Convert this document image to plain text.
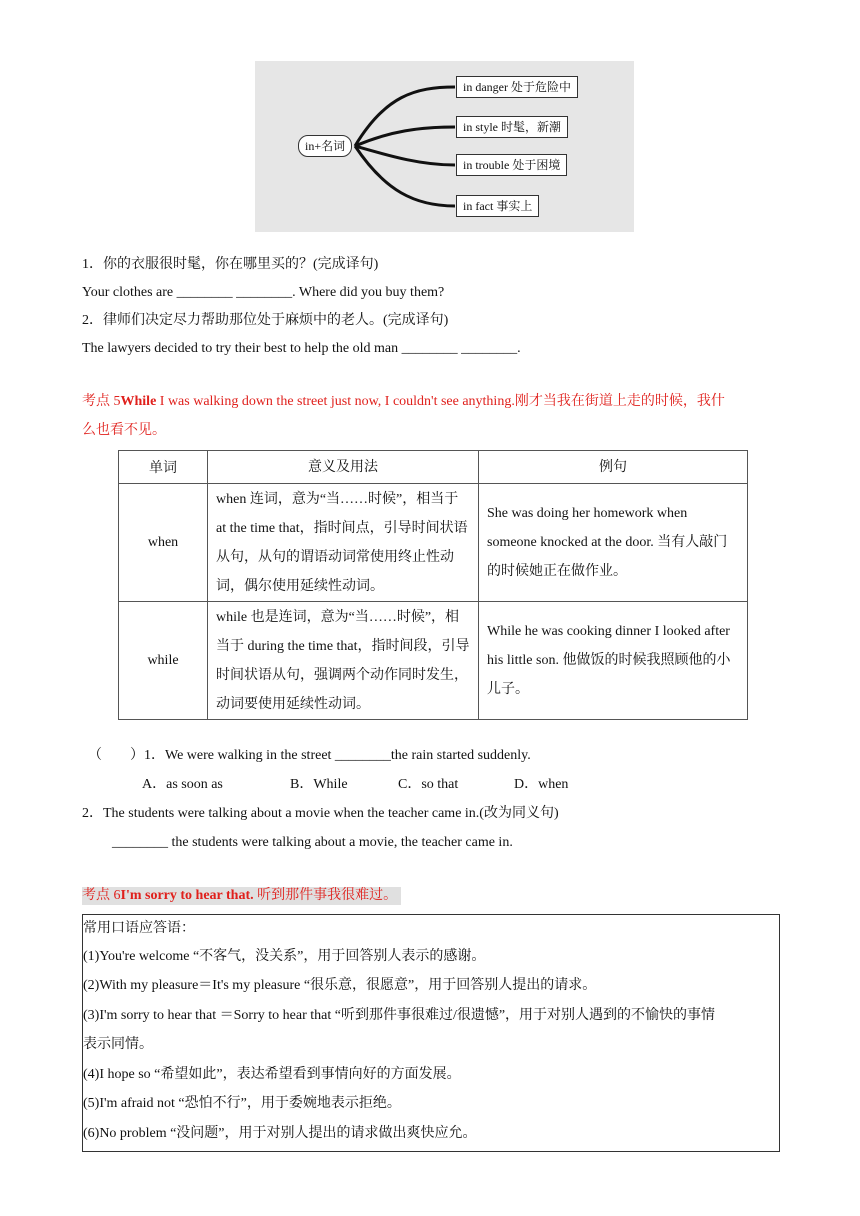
in+名词
in danger 处于危险中
in style 时髦，新潮
in trouble 处于困境
in fact 事实上
1．你的衣服很时髦，你在哪里买的？(完成译句)
Your clothes are ________ ________. Where did you buy them?
2．律师们决定尽力帮助那位处于麻烦中的老人。(完成译句)
The lawyers decided to try their best to help the old man ________ ________.
考点 5While I was walking down the street just now, I couldn't see anything.刚才当我在街道上走的时候，我什
么也看不见。
单词	意义及用法	例句
when	when 连词，意为“当……时候”，相当于 at the time that，指时间点，引导时间状语从句，从句的谓语动词常使用终止性动词，偶尔使用延续性动词。	She was doing her homework when someone knocked at the door. 当有人敲门的时候她正在做作业。
while	while 也是连词，意为“当……时候”，相当于 during the time that，指时间段，引导时间状语从句，强调两个动作同时发生，动词要使用延续性动词。	While he was cooking dinner I looked after his little son. 他做饭的时候我照顾他的小儿子。
（　　）1．We were walking in the street ________the rain started suddenly.
A．as soon as	B．While	C．so that	D．when
2．The students were talking about a movie when the teacher came in.(改为同义句)
________ the students were talking about a movie, the teacher came in.
考点 6I'm sorry to hear that. 听到那件事我很难过。
常用口语应答语：
(1)You're welcome “不客气，没关系”，用于回答别人表示的感谢。
(2)With my pleasure＝It's my pleasure “很乐意，很愿意”，用于回答别人提出的请求。
(3)I'm sorry to hear that ＝Sorry to hear that “听到那件事很难过/很遗憾”，用于对别人遇到的不愉快的事情
表示同情。
(4)I hope so “希望如此”，表达希望看到事情向好的方面发展。
(5)I'm afraid not “恐怕不行”，用于委婉地表示拒绝。
(6)No problem “没问题”，用于对别人提出的请求做出爽快应允。
